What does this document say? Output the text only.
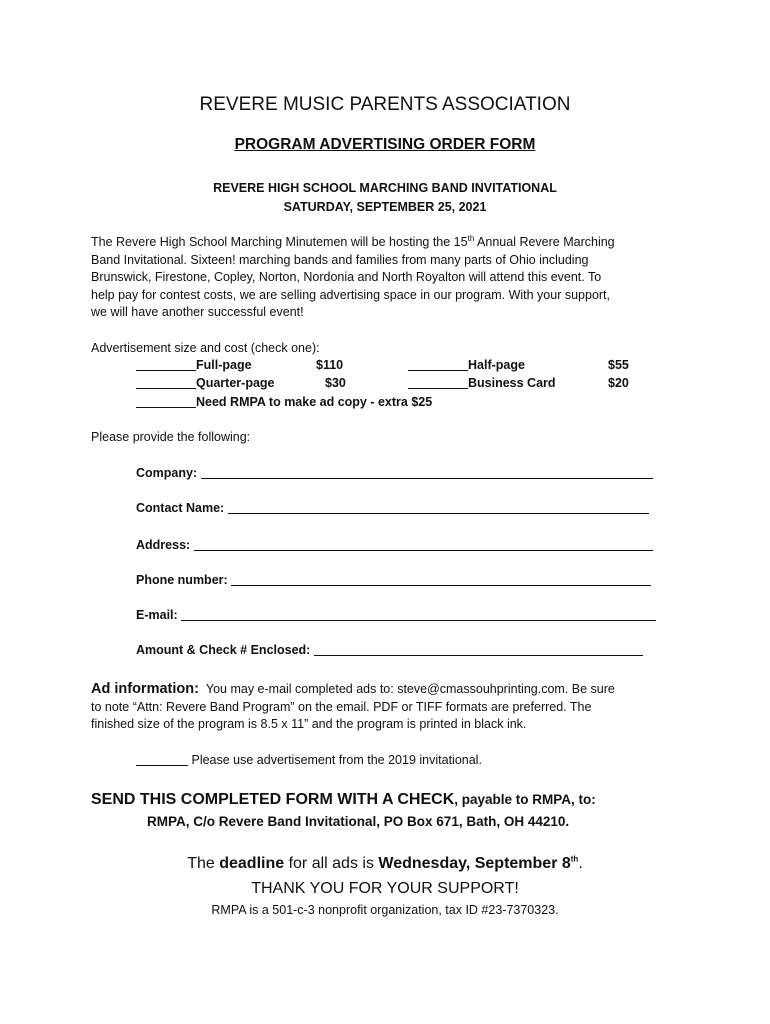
REVERE MUSIC PARENTS ASSOCIATION
PROGRAM ADVERTISING ORDER FORM
REVERE HIGH SCHOOL MARCHING BAND INVITATIONAL
SATURDAY, SEPTEMBER 25, 2021
The Revere High School Marching Minutemen will be hosting the 15th Annual Revere Marching
Band Invitational. Sixteen! marching bands and families from many parts of Ohio including
Brunswick, Firestone, Copley, Norton, Nordonia and North Royalton will attend this event. To
help pay for contest costs, we are selling advertising space in our program. With your support,
we will have another successful event!
Advertisement size and cost (check one):
Full-page	$110	Half-page	$55
Quarter-page	$30	Business Card	$20
Need RMPA to make ad copy - extra $25
Please provide the following:
Company:
Contact Name:
Address:
Phone number:
E-mail:
Amount & Check # Enclosed:
Ad information: You may e-mail completed ads to: steve@cmassouhprinting.com. Be sure
to note “Attn: Revere Band Program” on the email. PDF or TIFF formats are preferred. The
finished size of the program is 8.5 x 11” and the program is printed in black ink.
Please use advertisement from the 2019 invitational.
SEND THIS COMPLETED FORM WITH A CHECK, payable to RMPA, to:
RMPA, C/o Revere Band Invitational, PO Box 671, Bath, OH 44210.
The deadline for all ads is Wednesday, September 8th.
THANK YOU FOR YOUR SUPPORT!
RMPA is a 501-c-3 nonprofit organization, tax ID #23-7370323.
